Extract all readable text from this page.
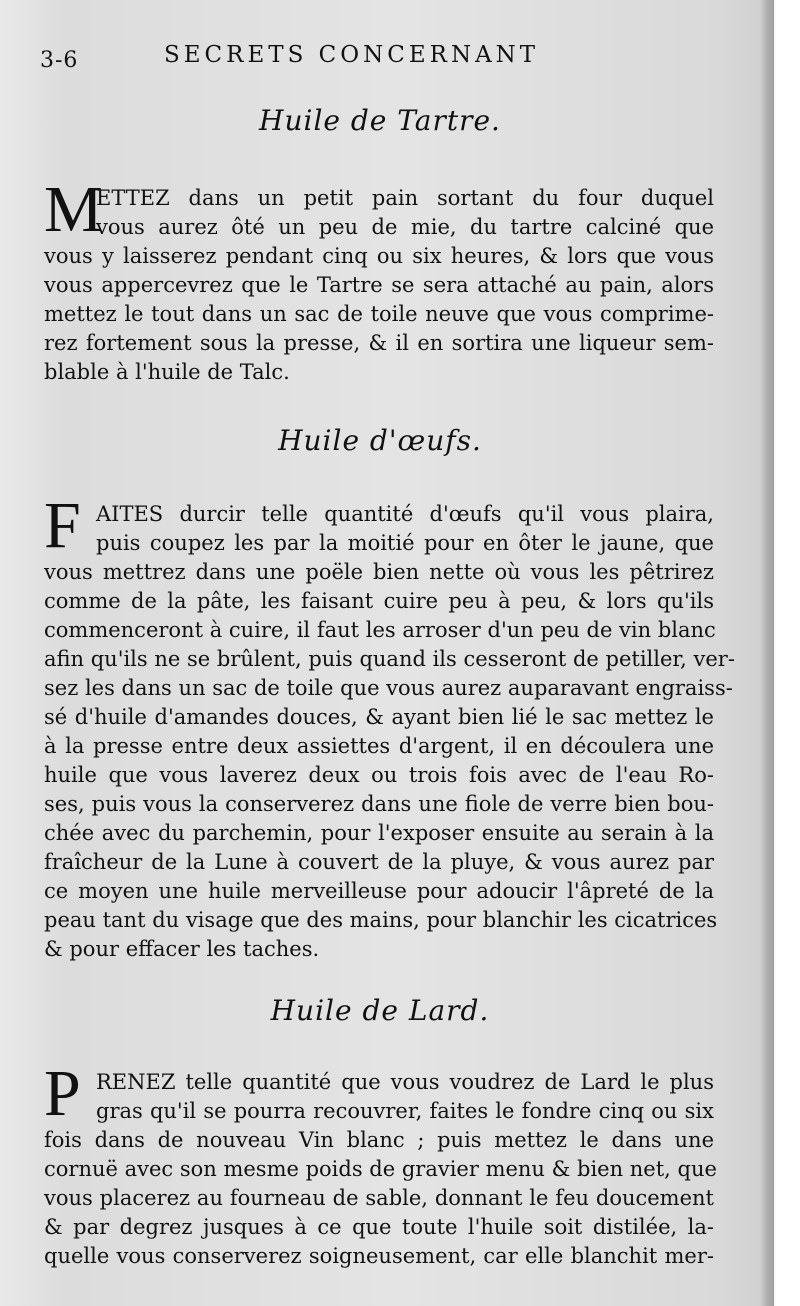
3-6	SECRETS CONCERNANT
Huile de Tartre.
M
ETTEZ dans un petit pain sortant du four duquel
vous aurez ôté un peu de mie, du tartre calciné que
vous y laisserez pendant cinq ou six heures, & lors que vous
vous appercevrez que le Tartre se sera attaché au pain, alors
mettez le tout dans un sac de toile neuve que vous comprime-
rez fortement sous la presse, & il en sortira une liqueur sem-
blable à l'huile de Talc.
Huile d'œufs.
F AITES durcir telle quantité d'œufs qu'il vous plaira,
puis coupez les par la moitié pour en ôter le jaune, que
vous mettrez dans une poële bien nette où vous les pêtrirez
comme de la pâte, les faisant cuire peu à peu, & lors qu'ils
commenceront à cuire, il faut les arroser d'un peu de vin blanc
afin qu'ils ne se brûlent, puis quand ils cesseront de petiller, ver-
sez les dans un sac de toile que vous aurez auparavant engraiss-
sé d'huile d'amandes douces, & ayant bien lié le sac mettez le
à la presse entre deux assiettes d'argent, il en découlera une
huile que vous laverez deux ou trois fois avec de l'eau Ro-
ses, puis vous la conserverez dans une fiole de verre bien bou-
chée avec du parchemin, pour l'exposer ensuite au serain à la
fraîcheur de la Lune à couvert de la pluye, & vous aurez par
ce moyen une huile merveilleuse pour adoucir l'âpreté de la
peau tant du visage que des mains, pour blanchir les cicatrices
& pour effacer les taches.
Huile de Lard.
P RENEZ telle quantité que vous voudrez de Lard le plus
gras qu'il se pourra recouvrer, faites le fondre cinq ou six
fois dans de nouveau Vin blanc ; puis mettez le dans une
cornuë avec son mesme poids de gravier menu & bien net, que
vous placerez au fourneau de sable, donnant le feu doucement
& par degrez jusques à ce que toute l'huile soit distilée, la-
quelle vous conserverez soigneusement, car elle blanchit mer-
